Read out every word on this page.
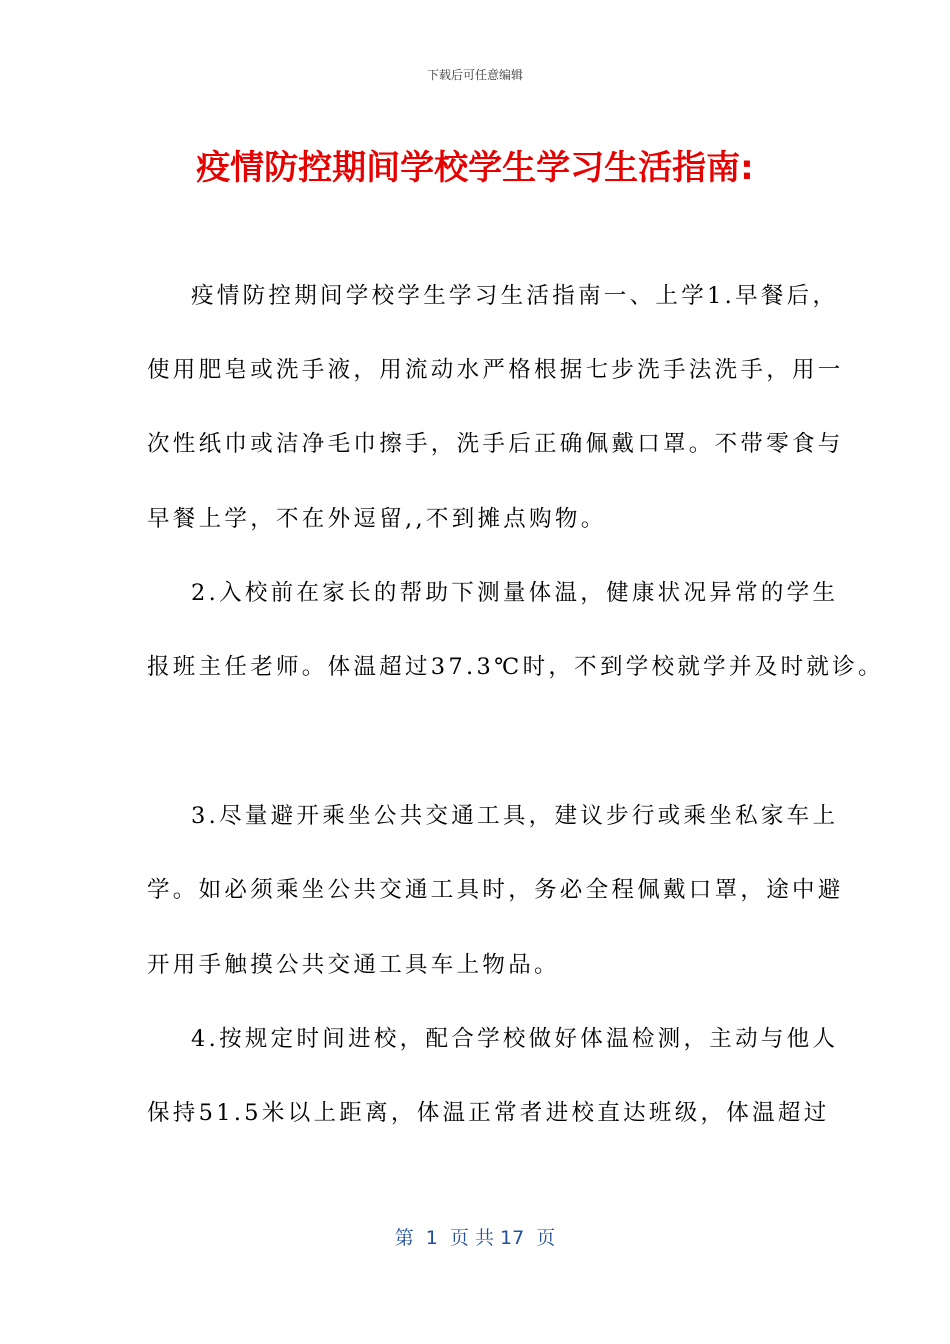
下载后可任意编辑
疫情防控期间学校学生学习生活指南:
疫情防控期间学校学生学习生活指南一、上学1.早餐后，
使用肥皂或洗手液，用流动水严格根据七步洗手法洗手，用一
次性纸巾或洁净毛巾擦手，洗手后正确佩戴口罩。不带零食与
早餐上学，不在外逗留,,不到摊点购物。
2.入校前在家长的帮助下测量体温，健康状况异常的学生
报班主任老师。体温超过37.3℃时，不到学校就学并及时就诊。
3.尽量避开乘坐公共交通工具，建议步行或乘坐私家车上
学。如必须乘坐公共交通工具时，务必全程佩戴口罩，途中避
开用手触摸公共交通工具车上物品。
4.按规定时间进校，配合学校做好体温检测，主动与他人
保持51.5米以上距离，体温正常者进校直达班级，体温超过
第  1  页 共 17  页
